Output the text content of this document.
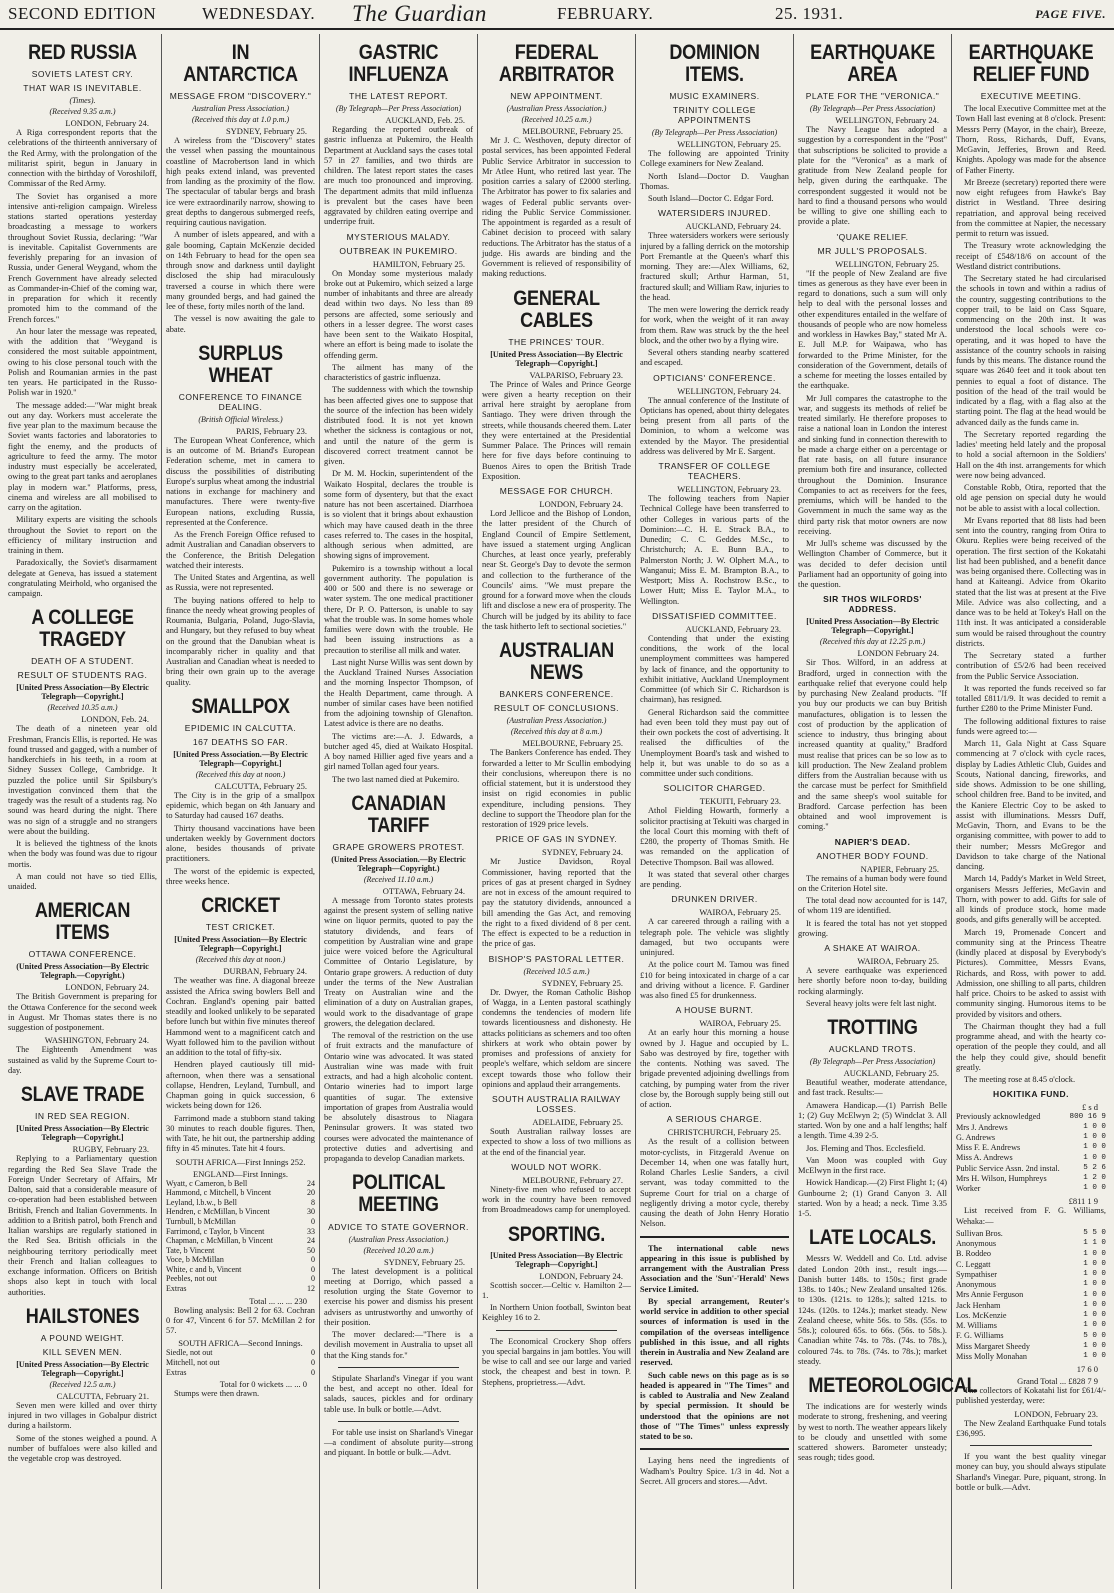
SECOND EDITION	WEDNESDAY.	The Guardian	FEBRUARY.	25. 1931.	PAGE FIVE.
RED RUSSIA
SOVIETS LATEST CRY.
THAT WAR IS INEVITABLE.
(Times).
(Received 9.35 a.m.)
LONDON, February 24.

A Riga correspondent reports that the celebrations of the thirteenth anniversary of the Red Army, with the prolongation of the militarist spirit, begun in January in connection with the birthday of Voroshiloff, Commissar of the Red Army.

The Soviet has organised a more intensive anti-religion campaign. Wireless stations started operations yesterday broadcasting a message to workers throughout Soviet Russia, declaring: "War is inevitable. Capitalist Governments are feverishly preparing for an invasion of Russia, under General Weygand, whom the French Government have already selected as Commander-in-Chief of the coming war, in preparation for which it recently promoted him to the command of the French forces."

An hour later the message was repeated, with the addition that "Weygand is considered the most suitable appointment, owing to his close personal touch with the Polish and Roumanian armies in the past ten years. He participated in the Russo-Polish war in 1920."

The message added:—"War might break out any day. Workers must accelerate the five year plan to the maximum because the Soviet wants factories and laboratories to fight the enemy, and the products of agriculture to feed the army. The motor industry must especially be accelerated, owing to the great part tanks and aeroplanes play in modern war." Platforms, press, cinema and wireless are all mobilised to carry on the agitation.

Military experts are visiting the schools throughout the Soviet to report on the efficiency of military instruction and training in them.

Paradoxically, the Soviet's disarmament delegate at Geneva, has issued a statement congratulating Meirhold, who organised the campaign.

A COLLEGE TRAGEDY
DEATH OF A STUDENT.
RESULT OF STUDENTS RAG.
[United Press Association—By Electric Telegraph—Copyright.]
(Received 10.35 a.m.)
LONDON, Feb. 24.

The death of a nineteen year old Freshman, Francis Ellis, is reported. He was found trussed and gagged, with a number of handkerchiefs in his teeth, in a room at Sidney Sussex College, Cambridge. It puzzled the police until Sir Spilsbury's investigation convinced them that the tragedy was the result of a students rag. No sound was heard during the night. There was no sign of a struggle and no strangers were about the building.

It is believed the tightness of the knots when the body was found was due to rigour mortis.

A man could not have so tied Ellis, unaided.

AMERICAN ITEMS
OTTAWA CONFERENCE.
(United Press Association—By Electric Telegraph.—Copyright.)
LONDON, February 24.

The British Government is preparing for the Ottawa Conference for the second week in August. Mr Thomas states there is no suggestion of postponement.

WASHINGTON, February 24.

The Eighteenth Amendment was sustained as valid by the Supreme Court to-day.

SLAVE TRADE
IN RED SEA REGION.
[United Press Association—By Electric Telegraph—Copyright.]
RUGBY, February 23.

Replying to a Parliamentary question regarding the Red Sea Slave Trade the Foreign Under Secretary of Affairs, Mr Dalton, said that a considerable measure of co-operation had been established between British, French and Italian Governments. In addition to a British patrol, both French and Italian warships are regularly stationed in the Red Sea. British officials in the neighbouring territory periodically meet their French and Italian colleagues to exchange information. Officers on British shops also kept in touch with local authorities.

HAILSTONES
A POUND WEIGHT.
KILL SEVEN MEN.
[United Press Association—By Electric Telegraph—Copyright.]
(Received 12.5 a.m.)
CALCUTTA, February 21.

Seven men were killed and over thirty injured in two villages in Gobalpur district during a hailstorm.

Some of the stones weighed a pound. A number of buffaloes were also killed and the vegetable crop was destroyed.

IN ANTARCTICA
MESSAGE FROM "DISCOVERY."
Australian Press Association.)
(Received this day at 1.0 p.m.)
SYDNEY, February 25.

A wireless from the "Discovery" states the vessel when passing the mountainous coastline of Macrobertson land in which high peaks extend inland, was prevented from landing as the proximity of the flow. The spectacular of tabular bergs and brash ice were extraordinarily narrow, showing to great depths to dangerous submerged reefs, requiring cautious navigation.

A number of islets appeared, and with a gale booming, Captain McKenzie decided on 14th February to head for the open sea through snow and darkness until daylight disclosed the ship had miraculously traversed a course in which there were many grounded bergs, and had gained the lee of these, forty miles north of the land.

The vessel is now awaiting the gale to abate.

SURPLUS WHEAT
CONFERENCE TO FINANCE DEALING.
(British Official Wireless.)
PARIS, February 23.

The European Wheat Conference, which is an outcome of M. Briand's European Federation scheme, met in camera to discuss the possibilities of distributing Europe's surplus wheat among the industrial nations in exchange for machinery and manufactures. There were twenty-five European nations, excluding Russia, represented at the Conference.

As the French Foreign Office refused to admit Australian and Canadian observers to the Conference, the British Delegation watched their interests.

The United States and Argentina, as well as Russia, were not represented.

The buying nations offered to help to finance the needy wheat growing peoples of Roumania, Bulgaria, Poland, Jugo-Slavia, and Hungary, but they refused to buy wheat on the ground that the Danubian wheat is incomparably richer in quality and that Australian and Canadian wheat is needed to bring their own grain up to the average quality.

SMALLPOX
EPIDEMIC IN CALCUTTA.
167 DEATHS SO FAR.
[United Press Association.—By Electric Telegraph—Copyright.]
(Received this day at noon.)
CALCUTTA, February 25.

The City is in the grip of a smallpox epidemic, which began on 4th January and to Saturday had caused 167 deaths.

Thirty thousand vaccinations have been undertaken weekly by Government doctors alone, besides thousands of private practitioners.

The worst of the epidemic is expected, three weeks hence.

CRICKET
TEST CRICKET.
[United Press Association—By Electric Telegraph—Copyright.]
(Received this day at noon.)
DURBAN, February 24.

The weather was fine. A diagonal breeze assisted the Africa swing bowlers Bell and Cochran. England's opening pair batted steadily and looked unlikely to be separated before lunch but within five minutes thereof Hammond went to a magnificent catch and Wyatt followed him to the pavilion without an addition to the total of fifty-six.

Hendren played cautiously till mid-afternoon, when there was a sensational collapse, Hendren, Leyland, Turnbull, and Chapman going in quick succession, 6 wickets being down for 126.

Farrimond made a stubborn stand taking 30 minutes to reach double figures. Then, with Tate, he hit out, the partnership adding fifty in 45 minutes. Tate hit 4 fours.

SOUTH AFRICA—First Innings 252.
ENGLAND—First Innings.
Wyatt, c Cameron, b Bell	24
Hammond, c Mitchell, b Vincent	20
Leyland, l.b.w., b Bell	8
Hendren, c McMillan, b Vincent	30
Turnbull, b McMillan	0
Farrimond, c Taylor, b Vincent	33
Chapman, c McMillan, b Vincent	24
Tate, b Vincent	50
Voce, b McMillan	0
White, c and b, Vincent	0
Peebles, not out	0
Extras	12
Total ... ... ... 230

Bowling analysis: Bell 2 for 63. Cochran 0 for 47, Vincent 6 for 57. McMillan 2 for 57.

SOUTH AFRICA—Second Innings.
Siedle, not out	0
Mitchell, not out	0
Extras	0
Total for 0 wickets ... ... 0

Stumps were then drawn.

GASTRIC INFLUENZA
THE LATEST REPORT.
(By Telegraph—Per Press Association)
AUCKLAND, Feb. 25.

Regarding the reported outbreak of gastric influenza at Pukemiro, the Health Department at Auckland says the cases total 57 in 27 families, and two thirds are children. The latest report states the cases are much too pronounced and improving. The department admits that mild influenza is prevalent but the cases have been aggravated by children eating overripe and underripe fruit.

MYSTERIOUS MALADY.
OUTBREAK IN PUKEMIRO.
HAMILTON, February 25.

On Monday some mysterious malady broke out at Pukemiro, which seized a large number of inhabitants and three are already dead within two days. No less than 89 persons are affected, some seriously and others in a lesser degree. The worst cases have been sent to the Waikato Hospital, where an effort is being made to isolate the offending germ.

The ailment has many of the characteristics of gastric influenza.

The suddenness with which the township has been affected gives one to suppose that the source of the infection has been widely distributed food. It is not yet known whether the sickness is contagious or not, and until the nature of the germ is discovered correct treatment cannot be given.

Dr M. M. Hockin, superintendent of the Waikato Hospital, declares the trouble is some form of dysentery, but that the exact nature has not been ascertained. Diarrhoea is so violent that it brings about exhaustion which may have caused death in the three cases referred to. The cases in the hospital, although serious when admitted, are showing signs of improvement.

Pukemiro is a township without a local government authority. The population is 400 or 500 and there is no sewerage or water system. The one medical practitioner there, Dr P. O. Patterson, is unable to say what the trouble was. In some homes whole families were down with the trouble. He had been issuing instructions as a precaution to sterilise all milk and water.

Last night Nurse Willis was sent down by the Auckland Trained Nurses Association and the morning Inspector Thompson, of the Health Department, came through. A number of similar cases have been notified from the adjoining township of Glenafton. Latest advice is there are no deaths.

The victims are:—A. J. Edwards, a butcher aged 45, died at Waikato Hospital. A boy named Hillier aged five years and a girl named Tollan aged four years.

The two last named died at Pukemiro.

CANADIAN TARIFF
GRAPE GROWERS PROTEST.
(United Press Association.—By Electric Telegraph—Copyright.)
(Received 11.10 a.m.)
OTTAWA, February 24.

A message from Toronto states protests against the present system of selling native wine on liquor permits, quoted to pay the statutory dividends, and fears of competition by Australian wine and grape juice were voiced before the Agricultural Committee of Ontario Legislature, by Ontario grape growers. A reduction of duty under the terms of the New Australian Treaty on Australian wine and the elimination of a duty on Australian grapes, would work to the disadvantage of grape growers, the delegation declared.

The removal of the restriction on the use of fruit extracts and the manufacture of Ontario wine was advocated. It was stated Australian wine was made with fruit extracts, and had a high alcoholic content. Ontario wineries had to import large quantities of sugar. The extensive importation of grapes from Australia would be absolutely disastrous to Niagara Peninsular growers. It was stated two courses were advocated the maintenance of protective duties and advertising and propaganda to develop Canadian markets.

POLITICAL MEETING
ADVICE TO STATE GOVERNOR.
(Australian Press Association.)
(Received 10.20 a.m.)
SYDNEY, February 25.

The latest development is a political meeting at Dorrigo, which passed a resolution urging the State Governor to exercise his power and dismiss his present advisers as untrustworthy and unworthy of their position.

The mover declared:—"There is a devilish movement in Australia to upset all that the King stands for."

Stipulate Sharland's Vinegar if you want the best, and accept no other. Ideal for salads, sauces, pickles and for ordinary table use. In bulk or bottle.—Advt.

For table use insist on Sharland's Vinegar—a condiment of absolute purity—strong and piquant. In bottle or bulk.—Advt.

FEDERAL ARBITRATOR
NEW APPOINTMENT.
(Australian Press Association.)
(Received 10.25 a.m.)
MELBOURNE, February 25.

Mr J. C. Westhoven, deputy director of postal services, has been appointed Federal Public Service Arbitrator in succession to Mr Atlee Hunt, who retired last year. The position carries a salary of £2000 sterling. The Arbitrator has power to fix salaries and wages of Federal public servants over-riding the Public Service Commissioner. The appointment is regarded as a result of Cabinet decision to proceed with salary reductions. The Arbitrator has the status of a judge. His awards are binding and the Government is relieved of responsibility of making reductions.

GENERAL CABLES
THE PRINCES' TOUR.
[United Press Association—By Electric Telegraph—Copyright.]
VALPARISO, February 23.

The Prince of Wales and Prince George were given a hearty reception on their arrival here straight by aeroplane from Santiago. They were driven through the streets, while thousands cheered them. Later they were entertained at the Presidential Summer Palace. The Princes will remain here for five days before continuing to Buenos Aires to open the British Trade Exposition.

MESSAGE FOR CHURCH.
LONDON, February 24.

Lord Jellicoe and the Bishop of London, the latter president of the Church of England Council of Empire Settlement, have issued a statement urging Anglican Churches, at least once yearly, preferably near St. George's Day to devote the sermon and collection to the furtherance of the Councils' aims. "We must prepare the ground for a forward move when the clouds lift and disclose a new era of prosperity. The Church will be judged by its ability to face the task hitherto left to sectional societies."

AUSTRALIAN NEWS
BANKERS CONFERENCE.
RESULT OF CONCLUSIONS.
(Australian Press Association.)
(Received this day at 8 a.m.)
MELBOURNE, February 25.

The Bankers Conference has ended. They forwarded a letter to Mr Scullin embodying their conclusions, whereupon there is no official statement, but it is understood they insist on rigid economies in public expenditure, including pensions. They decline to support the Theodore plan for the restoration of 1929 price levels.

PRICE OF GAS IN SYDNEY.
SYDNEY, February 24.

Mr Justice Davidson, Royal Commissioner, having reported that the prices of gas at present charged in Sydney are not in excess of the amount required to pay the statutory dividends, announced a bill amending the Gas Act, and removing the right to a fixed dividend of 8 per cent. The effect is expected to be a reduction in the price of gas.

BISHOP'S PASTORAL LETTER.
(Received 10.5 a.m.)
SYDNEY, February 25.

Dr. Dwyer, the Roman Catholic Bishop of Wagga, in a Lenten pastoral scathingly condemns the tendencies of modern life towards licentiousness and dishonesty. He attacks politicians as schemers and too often shirkers at work who obtain power by promises and professions of anxiety for people's welfare, which seldom are sincere except towards those who follow their opinions and applaud their arrangements.

SOUTH AUSTRALIA RAILWAY LOSSES.
ADELAIDE, February 25.

South Australian railway losses are expected to show a loss of two millions as at the end of the financial year.

WOULD NOT WORK.
MELBOURNE, February 27.

Ninety-five men who refused to accept work in the country have been removed from Broadmeadows camp for unemployed.

SPORTING.
[United Press Association—By Electric Telegraph—Copyright.]
LONDON, February 24.

Scottish soccer.—Celtic v. Hamilton 2—1.

In Northern Union football, Swinton beat Keighley 16 to 2.

The Economical Crockery Shop offers you special bargains in jam bottles. You will be wise to call and see our large and varied stock, the cheapest and best in town. P. Stephens, proprietress.—Advt.

DOMINION ITEMS.
MUSIC EXAMINERS.
TRINITY COLLEGE APPOINTMENTS
(By Telegraph—Per Press Association)
WELLINGTON, February 25.

The following are appointed Trinity College examiners for New Zealand.

North Island—Doctor D. Vaughan Thomas.

South Island—Doctor C. Edgar Ford.

WATERSIDERS INJURED.
AUCKLAND, February 24.

Three watersiders workers were seriously injured by a falling derrick on the motorship Port Fremantle at the Queen's wharf this morning. They are:—Alex Williams, 62, fractured skull; Arthur Harman, 51, fractured skull; and William Raw, injuries to the head.

The men were lowering the derrick ready for work, when the weight of it ran away from them. Raw was struck by the the heel block, and the other two by a flying wire.

Several others standing nearby scattered and escaped.

OPTICIANS' CONFERENCE.
WELLINGTON, February 24.

The annual conference of the Institute of Opticians has opened, about thirty delegates being present from all parts of the Dominion, to whom a welcome was extended by the Mayor. The presidential address was delivered by Mr E. Sargent.

TRANSFER OF COLLEGE TEACHERS.
WELLINGTON, February 23.

The following teachers from Napier Technical College have been transferred to other Colleges in various parts of the Dominion:—C. H. E. Strack B.A., to Dunedin; C. C. Geddes M.Sc., to Christchurch; A. E. Bunn B.A., to Palmerston North; J. W. Olphert M.A., to Wanganui; Miss E. M. Brampton B.A., to Westport; Miss A. Rochstrow B.Sc., to Lower Hutt; Miss E. Taylor M.A., to Wellington.

DISSATISFIED COMMITTEE.
AUCKLAND, February 23.

Contending that under the existing conditions, the work of the local unemployment committees was hampered by lack of finance, and the opportunity to exhibit initiative, Auckland Unemployment Committee (of which Sir C. Richardson is chairman), has resigned.

General Richardson said the committee had even been told they must pay out of their own pockets the cost of advertising. It realised the difficulties of the Unemployment Board's task and wished to help it, but was unable to do so as a committee under such conditions.

SOLICITOR CHARGED.
TEKUITI, February 23.

Athol Fielding Howarth, formerly a solicitor practising at Tekuiti was charged in the local Court this morning with theft of £280, the property of Thomas Smith. He was remanded on the application of Detective Thompson. Bail was allowed.

It was stated that several other charges are pending.

DRUNKEN DRIVER.
WAIROA, February 25.

A car careered through a railing with a telegraph pole. The vehicle was slightly damaged, but two occupants were uninjured.

At the police court M. Tamou was fined £10 for being intoxicated in charge of a car and driving without a licence. F. Gardiner was also fined £5 for drunkenness.

A HOUSE BURNT.
WAIROA, February 25.

At an early hour this morning a house owned by J. Hague and occupied by L. Sabo was destroyed by fire, together with the contents. Nothing was saved. The brigade prevented adjoining dwellings from catching, by pumping water from the river close by, the Borough supply being still out of action.

A SERIOUS CHARGE.
CHRISTCHURCH, February 25.

As the result of a collision between motor-cyclists, in Fitzgerald Avenue on December 14, when one was fatally hurt, Roland Charles Leslie Sanders, a civil servant, was today committed to the Supreme Court for trial on a charge of negligently driving a motor cycle, thereby causing the death of John Henry Horatio Nelson.

The international cable news appearing in this issue is published by arrangement with the Australian Press Association and the 'Sun'-'Herald' News Service Limited.

By special arrangement, Reuter's world service in addition to other special sources of information is used in the compilation of the overseas intelligence published in this issue, and all rights therein in Australia and New Zealand are reserved.

Such cable news on this page as is so headed is appeared in "The Times" and is cabled to Australia and New Zealand by special permission. It should be understood that the opinions are not those of "The Times" unless expressly stated to be so.

Laying hens need the ingredients of Wadham's Poultry Spice. 1/3 in 4d. Not a Secret. All grocers and stores.—Advt.

EARTHQUAKE AREA
PLATE FOR THE "VERONICA."
(By Telegraph—Per Press Association)
WELLINGTON, February 24.

The Navy League has adopted a suggestion by a correspondent in the "Post" that subscriptions be solicited to provide a plate for the "Veronica" as a mark of gratitude from New Zealand people for help, given during the earthquake. The correspondent suggested it would not be hard to find a thousand persons who would be willing to give one shilling each to provide a plate.

'QUAKE RELIEF.
MR JULL'S PROPOSALS.
WELLINGTON, February 25.

"If the people of New Zealand are five times as generous as they have ever been in regard to donations, such a sum will only help to deal with the personal losses and other expenditures entailed in the welfare of thousands of people who are now homeless and workless in Hawkes Bay," stated Mr A. E. Jull M.P. for Waipawa, who has forwarded to the Prime Minister, for the consideration of the Government, details of a scheme for meeting the losses entailed by the earthquake.

Mr Jull compares the catastrophe to the war, and suggests its methods of relief be treated similarly. He therefore proposes to raise a national loan in London the interest and sinking fund in connection therewith to be made a charge either on a percentage or flat rate basis, on all future insurance premium both fire and insurance, collected throughout the Dominion. Insurance Companies to act as receivers for the fees, premiums, which will be handed to the Government in much the same way as the third party risk that motor owners are now receiving.

Mr Jull's scheme was discussed by the Wellington Chamber of Commerce, but it was decided to defer decision until Parliament had an opportunity of going into the question.

SIR THOS WILFORDS' ADDRESS.
[United Press Association—By Electric Telegraph—Copyright.]
(Received this day at 12.25 p.m.)
LONDON February 24.

Sir Thos. Wilford, in an address at Bradford, urged in connection with the earthquake relief that everyone could help by purchasing New Zealand products. "If you buy our products we can buy British manufactures, obligation is to lessen the cost of production by the application of science to industry, thus bringing about increased quantity at quality," Bradford must realise that prices can be so low as to kill production. The New Zealand problem differs from the Australian because with us the carcase must be perfect for Smithfield and the same sheep's wool suitable for Bradford. Carcase perfection has been obtained and wool improvement is coming."

NAPIER'S DEAD.
ANOTHER BODY FOUND.
NAPIER, February 25.

The remains of a human body were found on the Criterion Hotel site.

The total dead now accounted for is 147, of whom 119 are identified.

It is feared the total has not yet stopped growing.

A SHAKE AT WAIROA.
WAIROA, February 25.

A severe earthquake was experienced here shortly before noon to-day, building rocking alarmingly.

Several heavy jolts were felt last night.

TROTTING
AUCKLAND TROTS.
(By Telegraph—Per Press Association)
AUCKLAND, February 25.

Beautiful weather, moderate attendance, and fast track. Results:—

Amawera Handicap.—(1) Parrish Belle 1; (2) Guy McElwyn 2; (5) Windclat 3. All started. Won by one and a half lengths; half a length. Time 4.39 2-5.

Jos. Fleming and Thos. Ecclesfield.

Van Moon was coupled with Guy McElwyn in the first race.

Howick Handicap.—(2) First Flight 1; (4) Gunbourne 2; (1) Grand Canyon 3. All started. Won by a head; a neck. Time 3.35 1-5.

LATE LOCALS.

Messrs W. Weddell and Co. Ltd. advise dated London 20th inst., result ings.—Danish butter 148s. to 150s.; first grade 138s. to 140s.; New Zealand unsalted 126s. to 130s. (121s. to 128s.); salted 121s. to 124s. (120s. to 124s.); market steady. New Zealand cheese, white 56s. to 58s. (55s. to 58s.); coloured 65s. to 66s. (56s. to 58s.). Canadian white 74s. to 78s. (74s. to 78s.), coloured 74s. to 78s. (74s. to 78s.); market steady.

METEOROLOGICAL

The indications are for westerly winds moderate to strong, freshening, and veering by west to north. The weather appears likely to be cloudy and unsettled with some scattered showers. Barometer unsteady; seas rough; tides good.

EARTHQUAKE RELIEF FUND
EXECUTIVE MEETING.

The local Executive Committee met at the Town Hall last evening at 8 o'clock. Present: Messrs Perry (Mayor, in the chair), Breeze, Thorn, Ross, Richards, Duff, Evans, McGavin, Jefferies, Brown and Reed. Knights. Apology was made for the absence of Father Finerty.

Mr Breeze (secretary) reported there were now eight refugees from Hawke's Bay district in Westland. Three desiring repatriation, and approval being received from the committee at Napier, the necessary permit to return was issued.

The Treasury wrote acknowledging the receipt of £548/18/6 on account of the Westland district contributions.

The Secretary stated he had circularised the schools in town and within a radius of the country, suggesting contributions to the copper trail, to be laid on Cass Square, commencing on the 20th inst. It was understood the local schools were co-operating, and it was hoped to have the assistance of the country schools in raising funds by this means. The distance round the square was 2640 feet and it took about ten pennies to equal a foot of distance. The position of the head of the trail would be indicated by a flag, with a flag also at the starting point. The flag at the head would be advanced daily as the funds came in.

The Secretary reported regarding the ladies' meeting held lately and the proposal to hold a social afternoon in the Soldiers' Hall on the 4th inst. arrangements for which were now being advanced.

Constable Robb, Otira, reported that the old age pension on special duty he would not be able to assist with a local collection.

Mr Evans reported that 88 lists had been sent into the country, ranging from Otira to Okuru. Replies were being received of the operation. The first section of the Kokatahi list had been published, and a benefit dance was being organised there. Collecting was in hand at Kaiteangi. Advice from Okarito stated that the list was at present at the Five Mile. Advice was also collecting, and a dance was to be held at Tokey's Hall on the 11th inst. It was anticipated a considerable sum would be raised throughout the country districts.

The Secretary stated a further contribution of £5/2/6 had been received from the Public Service Association.

It was reported the funds received so far totalled £811/1/9. It was decided to remit a further £280 to the Prime Minister Fund.

The following additional fixtures to raise funds were agreed to:—

March 11, Gala Night at Cass Square commencing at 7 o'clock with cycle races, display by Ladies Athletic Club, Guides and Scouts, National dancing, fireworks, and side shows. Admission to be one shilling, school children free. Band to be invited, and the Kaniere Electric Coy to be asked to assist with illuminations. Messrs Duff, McGavin, Thorn, and Evans to be the organising committee, with power to add to their number; Messrs McGregor and Davidson to take charge of the National dancing.

March 14, Paddy's Market in Weld Street, organisers Messrs Jefferies, McGavin and Thorn, with power to add. Gifts for sale of all kinds of produce stock, home made goods, and gifts generally will be accepted.

March 19, Promenade Concert and community sing at the Princess Theatre (kindly placed at disposal by Everybody's Pictures). Committee, Messrs Evans, Richards, and Ross, with power to add. Admission, one shilling to all parts, children half price. Choirs to be asked to assist with community singing. Humorous items to be provided by visitors and others.

The Chairman thought they had a full programme ahead, and with the hearty co-operation of the people they could, and all the help they could give, should benefit greatly.

The meeting rose at 8.45 o'clock.

HOKITIKA FUND.
£ s d
Previously acknowledged	800 16 9
Mrs J. Andrews	1 0 0
G. Andrews	1 0 0
Miss F. E. Andrews	1 0 0
Miss A. Andrews	1 0 0
Public Service Assn. 2nd instal.	5 2 6
Mrs H. Wilson, Humphreys	1 2 0
Worker	1 0 0
£811 1 9

List received from F. G. Williams, Wehaka:—

Sullivan Bros.	5 5 0
Anonymous	1 1 0
B. Roddeo	1 0 0
C. Leggatt	1 0 0
Sympathiser	1 0 0
Anonymous	1 0 0
Mrs Annie Ferguson	1 0 0
Jack Henham	1 0 0
Los. McKenzie	1 0 0
M. Williams	1 0 0
F. G. Williams	5 0 0
Miss Margaret Sheedy	1 0 0
Miss Molly Monahan	1 0 0
17 6 0
Grand Total ... £828 7 9

The collectors of Kokatahi list for £61/4/- published yesterday, were:

LONDON, February 23.

The New Zealand Earthquake Fund totals £36,995.

If you want the best quality vinegar money can buy, you should always stipulate Sharland's Vinegar. Pure, piquant, strong. In bottle or bulk.—Advt.
